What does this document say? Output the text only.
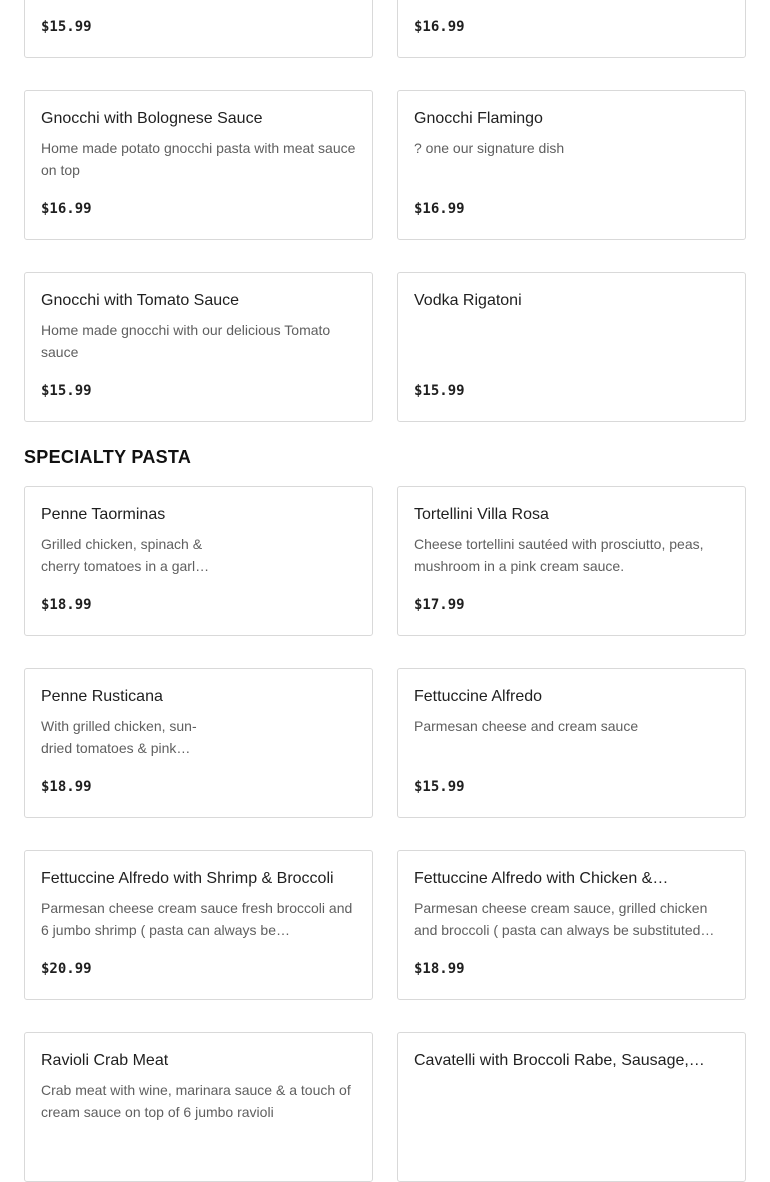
$15.99	$16.99
Gnocchi with Bolognese Sauce
Home made potato gnocchi pasta with meat sauce on top
$16.99
Gnocchi Flamingo
? one our signature dish
$16.99
Gnocchi with Tomato Sauce
Home made gnocchi with our delicious Tomato sauce
$15.99
Vodka Rigatoni
$15.99
SPECIALTY PASTA
Penne Taorminas
Grilled chicken, spinach & cherry tomatoes in a garl…
$18.99
Tortellini Villa Rosa
Cheese tortellini sautéed with prosciutto, peas, mushroom in a pink cream sauce.
$17.99
Penne Rusticana
With grilled chicken, sun-dried tomatoes & pink…
$18.99
Fettuccine Alfredo
Parmesan cheese and cream sauce
$15.99
Fettuccine Alfredo with Shrimp & Broccoli
Parmesan cheese cream sauce fresh broccoli and 6 jumbo shrimp ( pasta can always be…
$20.99
Fettuccine Alfredo with Chicken &…
Parmesan cheese cream sauce, grilled chicken and broccoli ( pasta can always be substituted…
$18.99
Ravioli Crab Meat
Crab meat with wine, marinara sauce & a touch of cream sauce on top of 6 jumbo ravioli
Cavatelli with Broccoli Rabe, Sausage,…
